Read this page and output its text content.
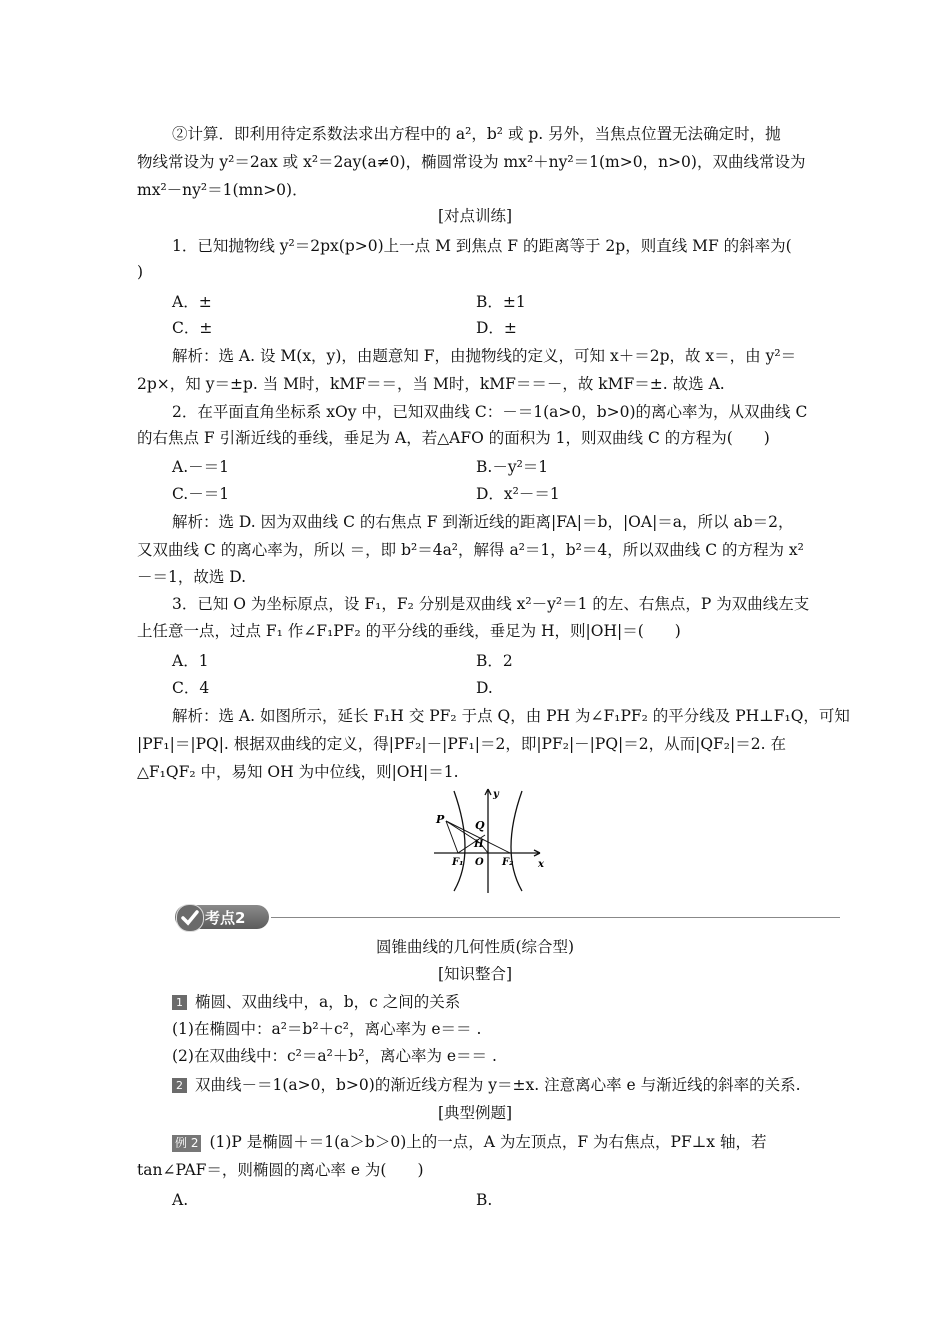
②计算．即利用待定系数法求出方程中的 a²，b² 或 p. 另外，当焦点位置无法确定时，抛
物线常设为 y²＝2ax 或 x²＝2ay(a≠0)，椭圆常设为 mx²＋ny²＝1(m>0，n>0)，双曲线常设为
mx²－ny²＝1(mn>0)．
[对点训练]
1．已知抛物线 y²＝2px(p>0)上一点 M 到焦点 F 的距离等于 2p，则直线 MF 的斜率为(
)
A．±	B．±1
C．±	D．±
解析：选 A. 设 M(x，y)，由题意知 F，由抛物线的定义，可知 x＋＝2p，故 x＝，由 y²＝
2p×，知 y＝±p. 当 M时，kMF＝＝，当 M时，kMF＝＝－，故 kMF＝±. 故选 A.
2．在平面直角坐标系 xOy 中，已知双曲线 C：－＝1(a>0，b>0)的离心率为，从双曲线 C
的右焦点 F 引渐近线的垂线，垂足为 A，若△AFO 的面积为 1，则双曲线 C 的方程为(　　)
A.－＝1	B.－y²＝1
C.－＝1	D．x²－＝1
解析：选 D. 因为双曲线 C 的右焦点 F 到渐近线的距离|FA|＝b，|OA|＝a，所以 ab＝2，
又双曲线 C 的离心率为，所以 ＝，即 b²＝4a²，解得 a²＝1，b²＝4，所以双曲线 C 的方程为 x²
－＝1，故选 D.
3．已知 O 为坐标原点，设 F₁，F₂ 分别是双曲线 x²－y²＝1 的左、右焦点，P 为双曲线左支
上任意一点，过点 F₁ 作∠F₁PF₂ 的平分线的垂线，垂足为 H，则|OH|＝(　　)
A．1	B．2
C．4	D.
解析：选 A. 如图所示，延长 F₁H 交 PF₂ 于点 Q，由 PH 为∠F₁PF₂ 的平分线及 PH⊥F₁Q，可知
|PF₁|＝|PQ|. 根据双曲线的定义，得|PF₂|－|PF₁|＝2，即|PF₂|－|PQ|＝2，从而|QF₂|＝2. 在
△F₁QF₂ 中，易知 OH 为中位线，则|OH|＝1.
P	Q
H
F₁ O F₂ x
y
考点2
圆锥曲线的几何性质(综合型)
[知识整合]
1 椭圆、双曲线中，a，b，c 之间的关系
(1)在椭圆中：a²＝b²＋c²，离心率为 e＝＝ .
(2)在双曲线中：c²＝a²＋b²，离心率为 e＝＝ .
2 双曲线－＝1(a>0，b>0)的渐近线方程为 y＝±x. 注意离心率 e 与渐近线的斜率的关系.
[典型例题]
例 2 (1)P 是椭圆＋＝1(a＞b＞0)上的一点，A 为左顶点，F 为右焦点，PF⊥x 轴，若
tan∠PAF＝，则椭圆的离心率 e 为(　　)
A.	B.
